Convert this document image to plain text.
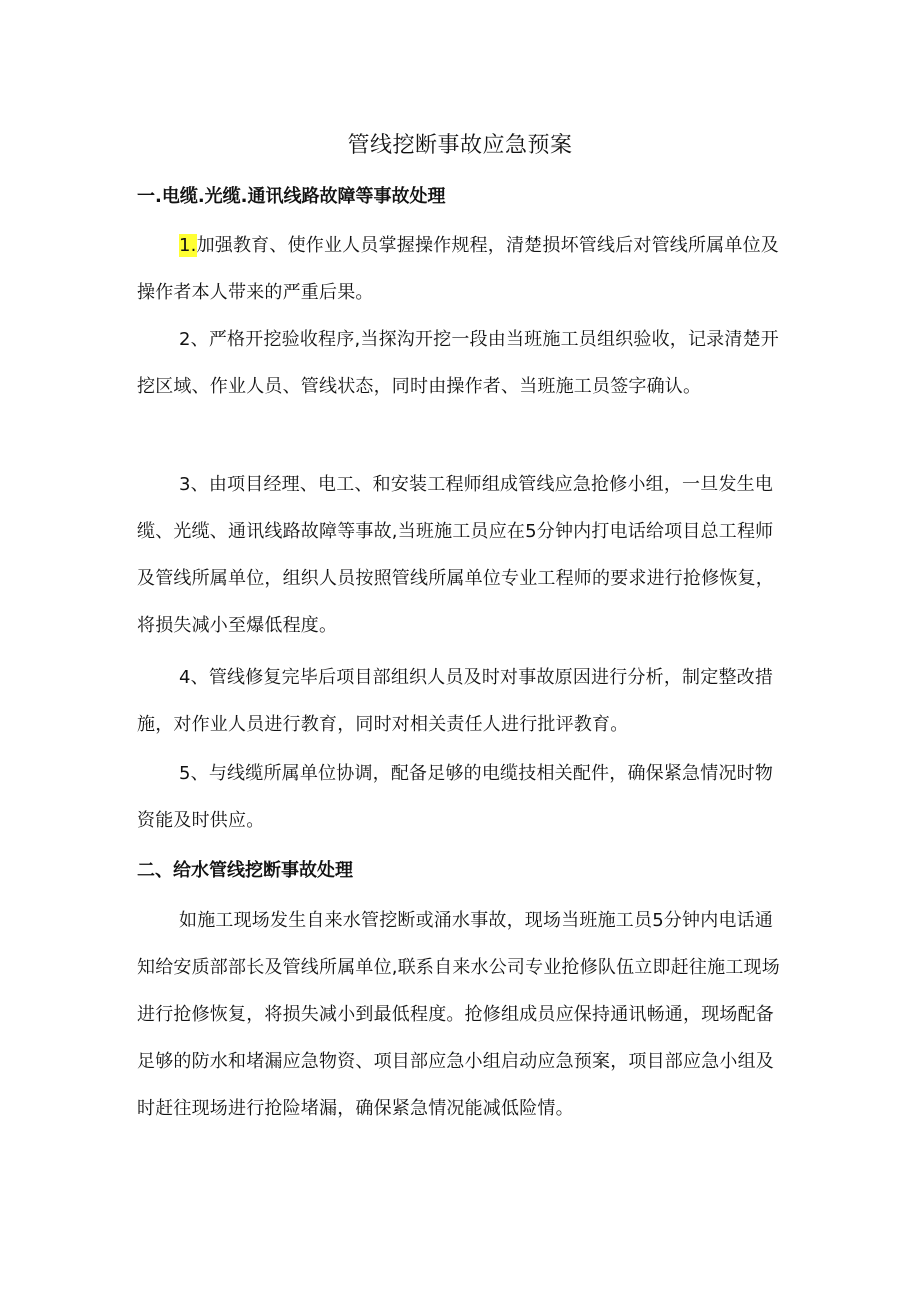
管线挖断事故应急预案
一.电缆.光缆.通讯线路故障等事故处理

1.加强教育、使作业人员掌握操作规程，清楚损坏管线后对管线所属单位及操作者本人带来的严重后果。

2、严格开挖验收程序,当探沟开挖一段由当班施工员组织验收，记录清楚开挖区域、作业人员、管线状态，同时由操作者、当班施工员签字确认。

3、由项目经理、电工、和安装工程师组成管线应急抢修小组，一旦发生电缆、光缆、通讯线路故障等事故,当班施工员应在5分钟内打电话给项目总工程师及管线所属单位，组织人员按照管线所属单位专业工程师的要求进行抢修恢复，将损失减小至爆低程度。

4、管线修复完毕后项目部组织人员及时对事故原因进行分析，制定整改措施，对作业人员进行教育，同时对相关责任人进行批评教育。

5、与线缆所属单位协调，配备足够的电缆技相关配件，确保紧急情况时物资能及时供应。

二、给水管线挖断事故处理

如施工现场发生自来水管挖断或涌水事故，现场当班施工员5分钟内电话通知给安质部部长及管线所属单位,联系自来水公司专业抢修队伍立即赶往施工现场进行抢修恢复，将损失减小到最低程度。抢修组成员应保持通讯畅通，现场配备足够的防水和堵漏应急物资、项目部应急小组启动应急预案，项目部应急小组及时赶往现场进行抢险堵漏，确保紧急情况能减低险情。
